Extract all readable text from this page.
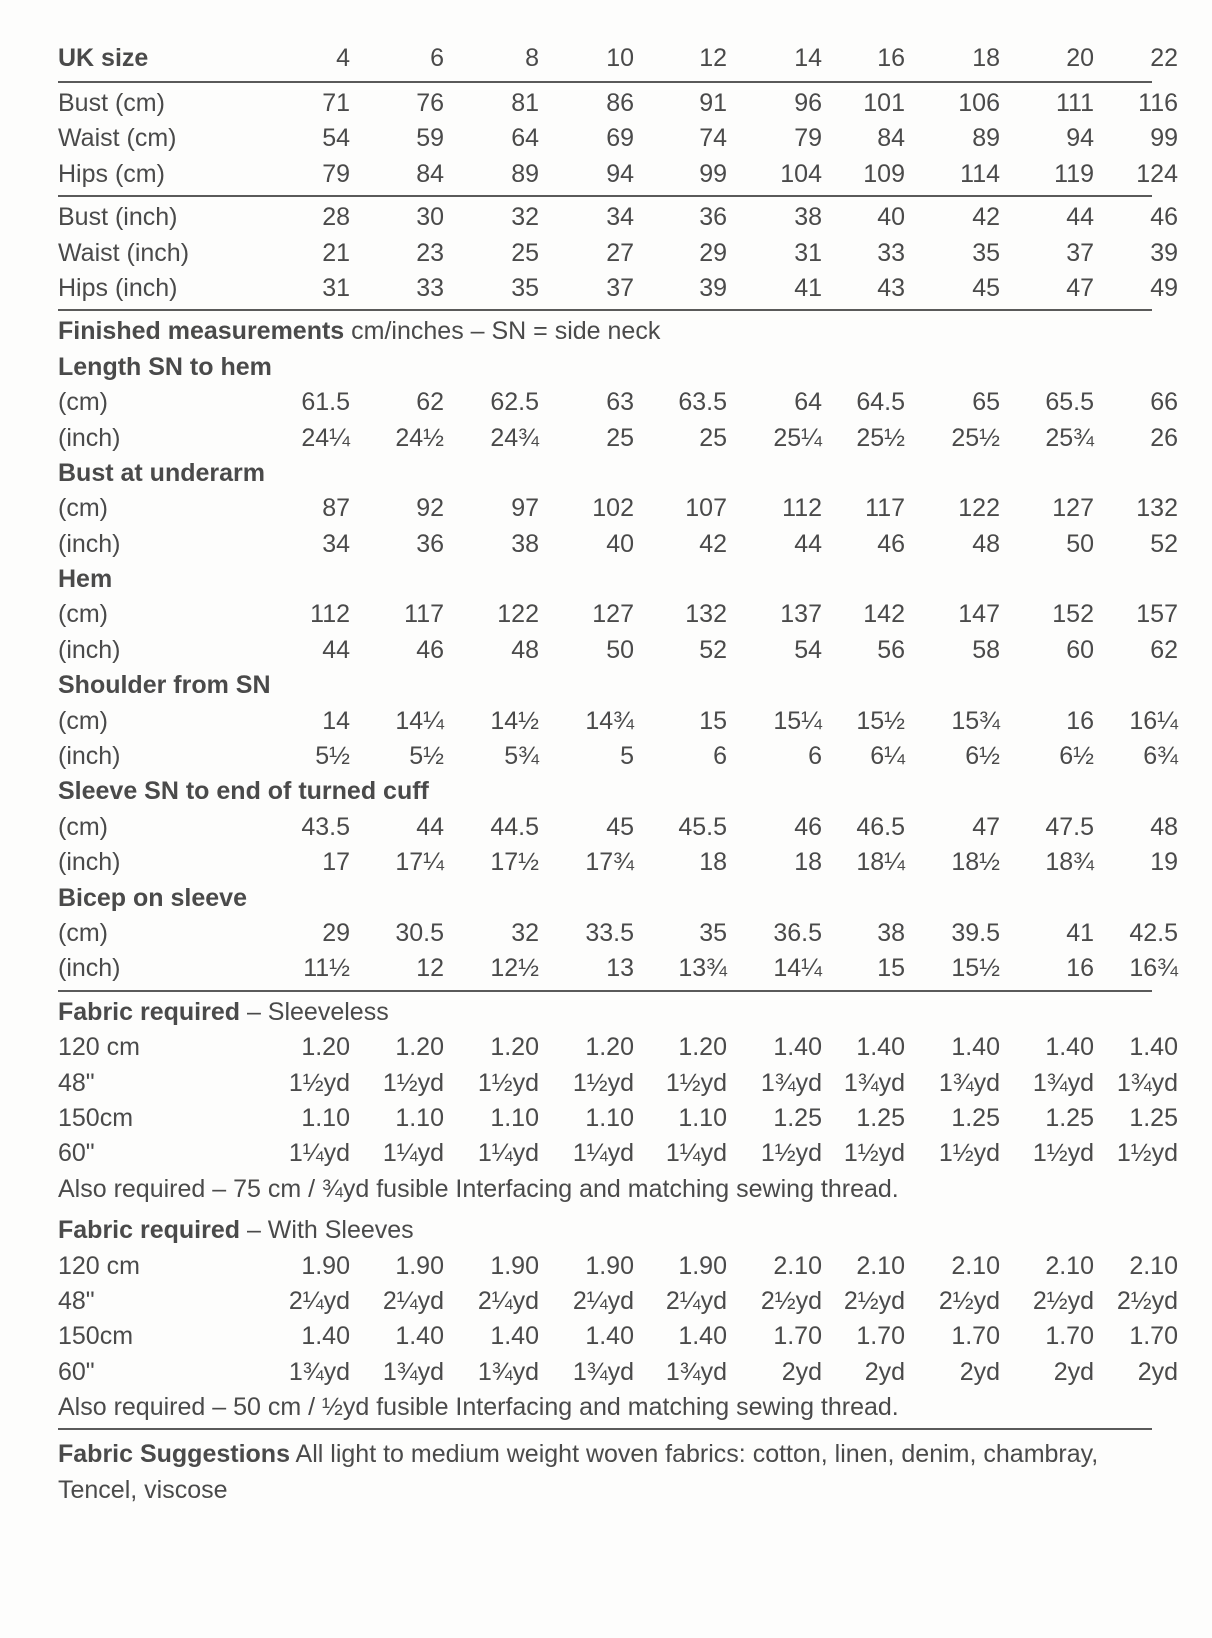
UK size	4	6	8	10	12	14	16	18	20	22
Bust (cm)	71	76	81	86	91	96	101	106	111	116
Waist (cm)	54	59	64	69	74	79	84	89	94	99
Hips (cm)	79	84	89	94	99	104	109	114	119	124
Bust (inch)	28	30	32	34	36	38	40	42	44	46
Waist (inch)	21	23	25	27	29	31	33	35	37	39
Hips (inch)	31	33	35	37	39	41	43	45	47	49
Finished measurements cm/inches – SN = side neck
Length SN to hem
(cm)	61.5	62	62.5	63	63.5	64	64.5	65	65.5	66
(inch)	24¼	24½	24¾	25	25	25¼	25½	25½	25¾	26
Bust at underarm
(cm)	87	92	97	102	107	112	117	122	127	132
(inch)	34	36	38	40	42	44	46	48	50	52
Hem
(cm)	112	117	122	127	132	137	142	147	152	157
(inch)	44	46	48	50	52	54	56	58	60	62
Shoulder from SN
(cm)	14	14¼	14½	14¾	15	15¼	15½	15¾	16	16¼
(inch)	5½	5½	5¾	5	6	6	6¼	6½	6½	6¾
Sleeve SN to end of turned cuff
(cm)	43.5	44	44.5	45	45.5	46	46.5	47	47.5	48
(inch)	17	17¼	17½	17¾	18	18	18¼	18½	18¾	19
Bicep on sleeve
(cm)	29	30.5	32	33.5	35	36.5	38	39.5	41	42.5
(inch)	11½	12	12½	13	13¾	14¼	15	15½	16	16¾
Fabric required – Sleeveless
120 cm	1.20	1.20	1.20	1.20	1.20	1.40	1.40	1.40	1.40	1.40
48"	1½yd	1½yd	1½yd	1½yd	1½yd	1¾yd 1¾yd	1¾yd	1¾yd 1¾yd
150cm	1.10	1.10	1.10	1.10	1.10	1.25	1.25	1.25	1.25	1.25
60"	1¼yd	1¼yd	1¼yd	1¼yd	1¼yd	1½yd 1½yd	1½yd	1½yd 1½yd
Also required – 75 cm / ¾yd fusible Interfacing and matching sewing thread.
Fabric required – With Sleeves
120 cm	1.90	1.90	1.90	1.90	1.90	2.10	2.10	2.10	2.10	2.10
48"	2¼yd	2¼yd	2¼yd	2¼yd	2¼yd	2½yd 2½yd	2½yd	2½yd 2½yd
150cm	1.40	1.40	1.40	1.40	1.40	1.70	1.70	1.70	1.70	1.70
60"	1¾yd	1¾yd	1¾yd	1¾yd	1¾yd	2yd	2yd	2yd	2yd	2yd
Also required – 50 cm / ½yd fusible Interfacing and matching sewing thread.
Fabric Suggestions All light to medium weight woven fabrics: cotton, linen, denim, chambray, Tencel, viscose
